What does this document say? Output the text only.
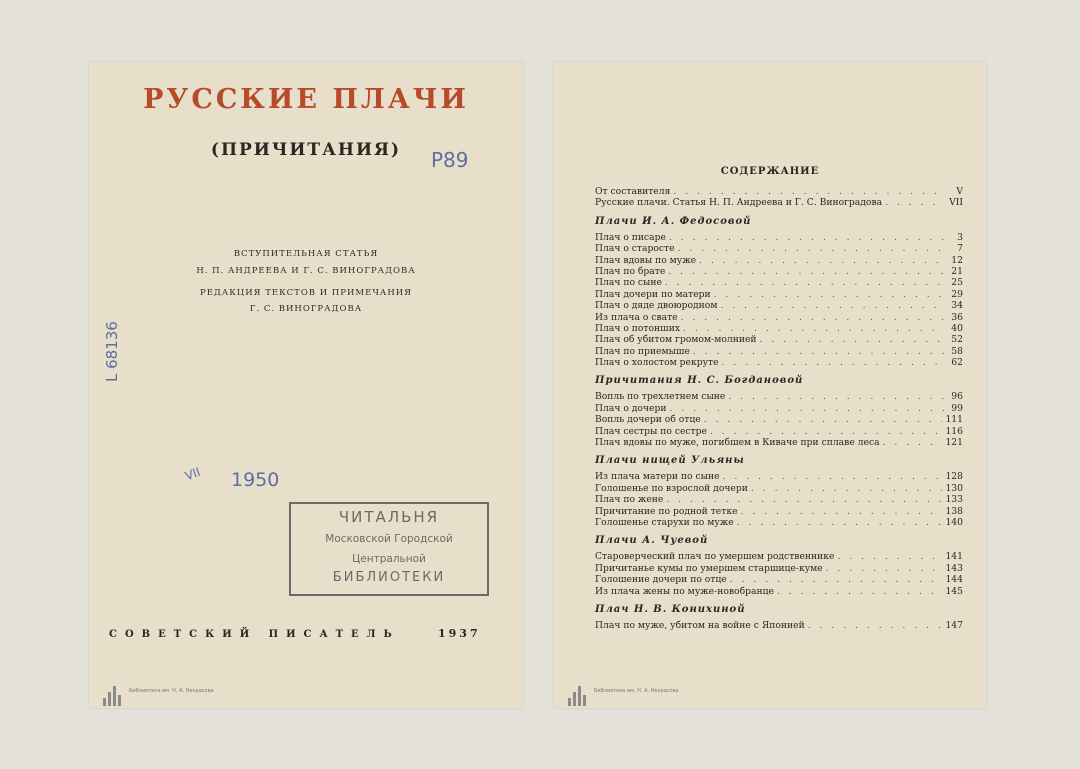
РУССКИЕ ПЛАЧИ
(ПРИЧИТАНИЯ)	Р89
ВСТУПИТЕЛЬНАЯ СТАТЬЯ
Н. П. АНДРЕЕВА И Г. С. ВИНОГРАДОВА
РЕДАКЦИЯ ТЕКСТОВ И ПРИМЕЧАНИЯ
Г. С. ВИНОГРАДОВА
L 68136
VII 1950
ЧИТАЛЬНЯ
Московской Городской
Центральной
БИБЛИОТЕКИ
СОВЕТСКИЙ ПИСАТЕЛЬ	1937
Библиотека им. Н. А. Некрасова
СОДЕРЖАНИЕ
От составителя . . .	V
Русские плачи. Статья Н. П. Андреева и Г. С. Виноградова . . .	VII
Плачи И. А. Федосовой
Плач о писаре . . .	3
Плач о старосте . . .	7
Плач вдовы по муже . . .	12
Плач по брате . . .	21
Плач по сыне . . .	25
Плач дочери по матери . . .	29
Плач о дяде двоюродном . . .	34
Из плача о свате . . .	36
Плач о потонших . . .	40
Плач об убитом громом-молнией . . .	52
Плач по приемыше . . .	58
Плач о холостом рекруте . . .	62
Причитания Н. С. Богдановой
Вопль по трехлетнем сыне . . .	96
Плач о дочери . . .	99
Вопль дочери об отце . . .	111
Плач сестры по сестре . . .	116
Плач вдовы по муже, погибшем в Кивачe при сплаве леса . . .	121
Плачи нищей Ульяны
Из плача матери по сыне . . .	128
Голошенье по взрослой дочери . . .	130
Плач по жене . . .	133
Причитание по родной тетке . . .	138
Голошенье старухи по муже . . .	140
Плачи А. Чуевой
Староверческий плач по умершем родственнике . . .	141
Причитанье кумы по умершем старшице-куме . . .	143
Голошение дочери по отце . . .	144
Из плача жены по муже-новобранце . . .	145
Плач Н. В. Конихиной
Плач по муже, убитом на войне с Японией . . .	147
Библиотека им. Н. А. Некрасова
